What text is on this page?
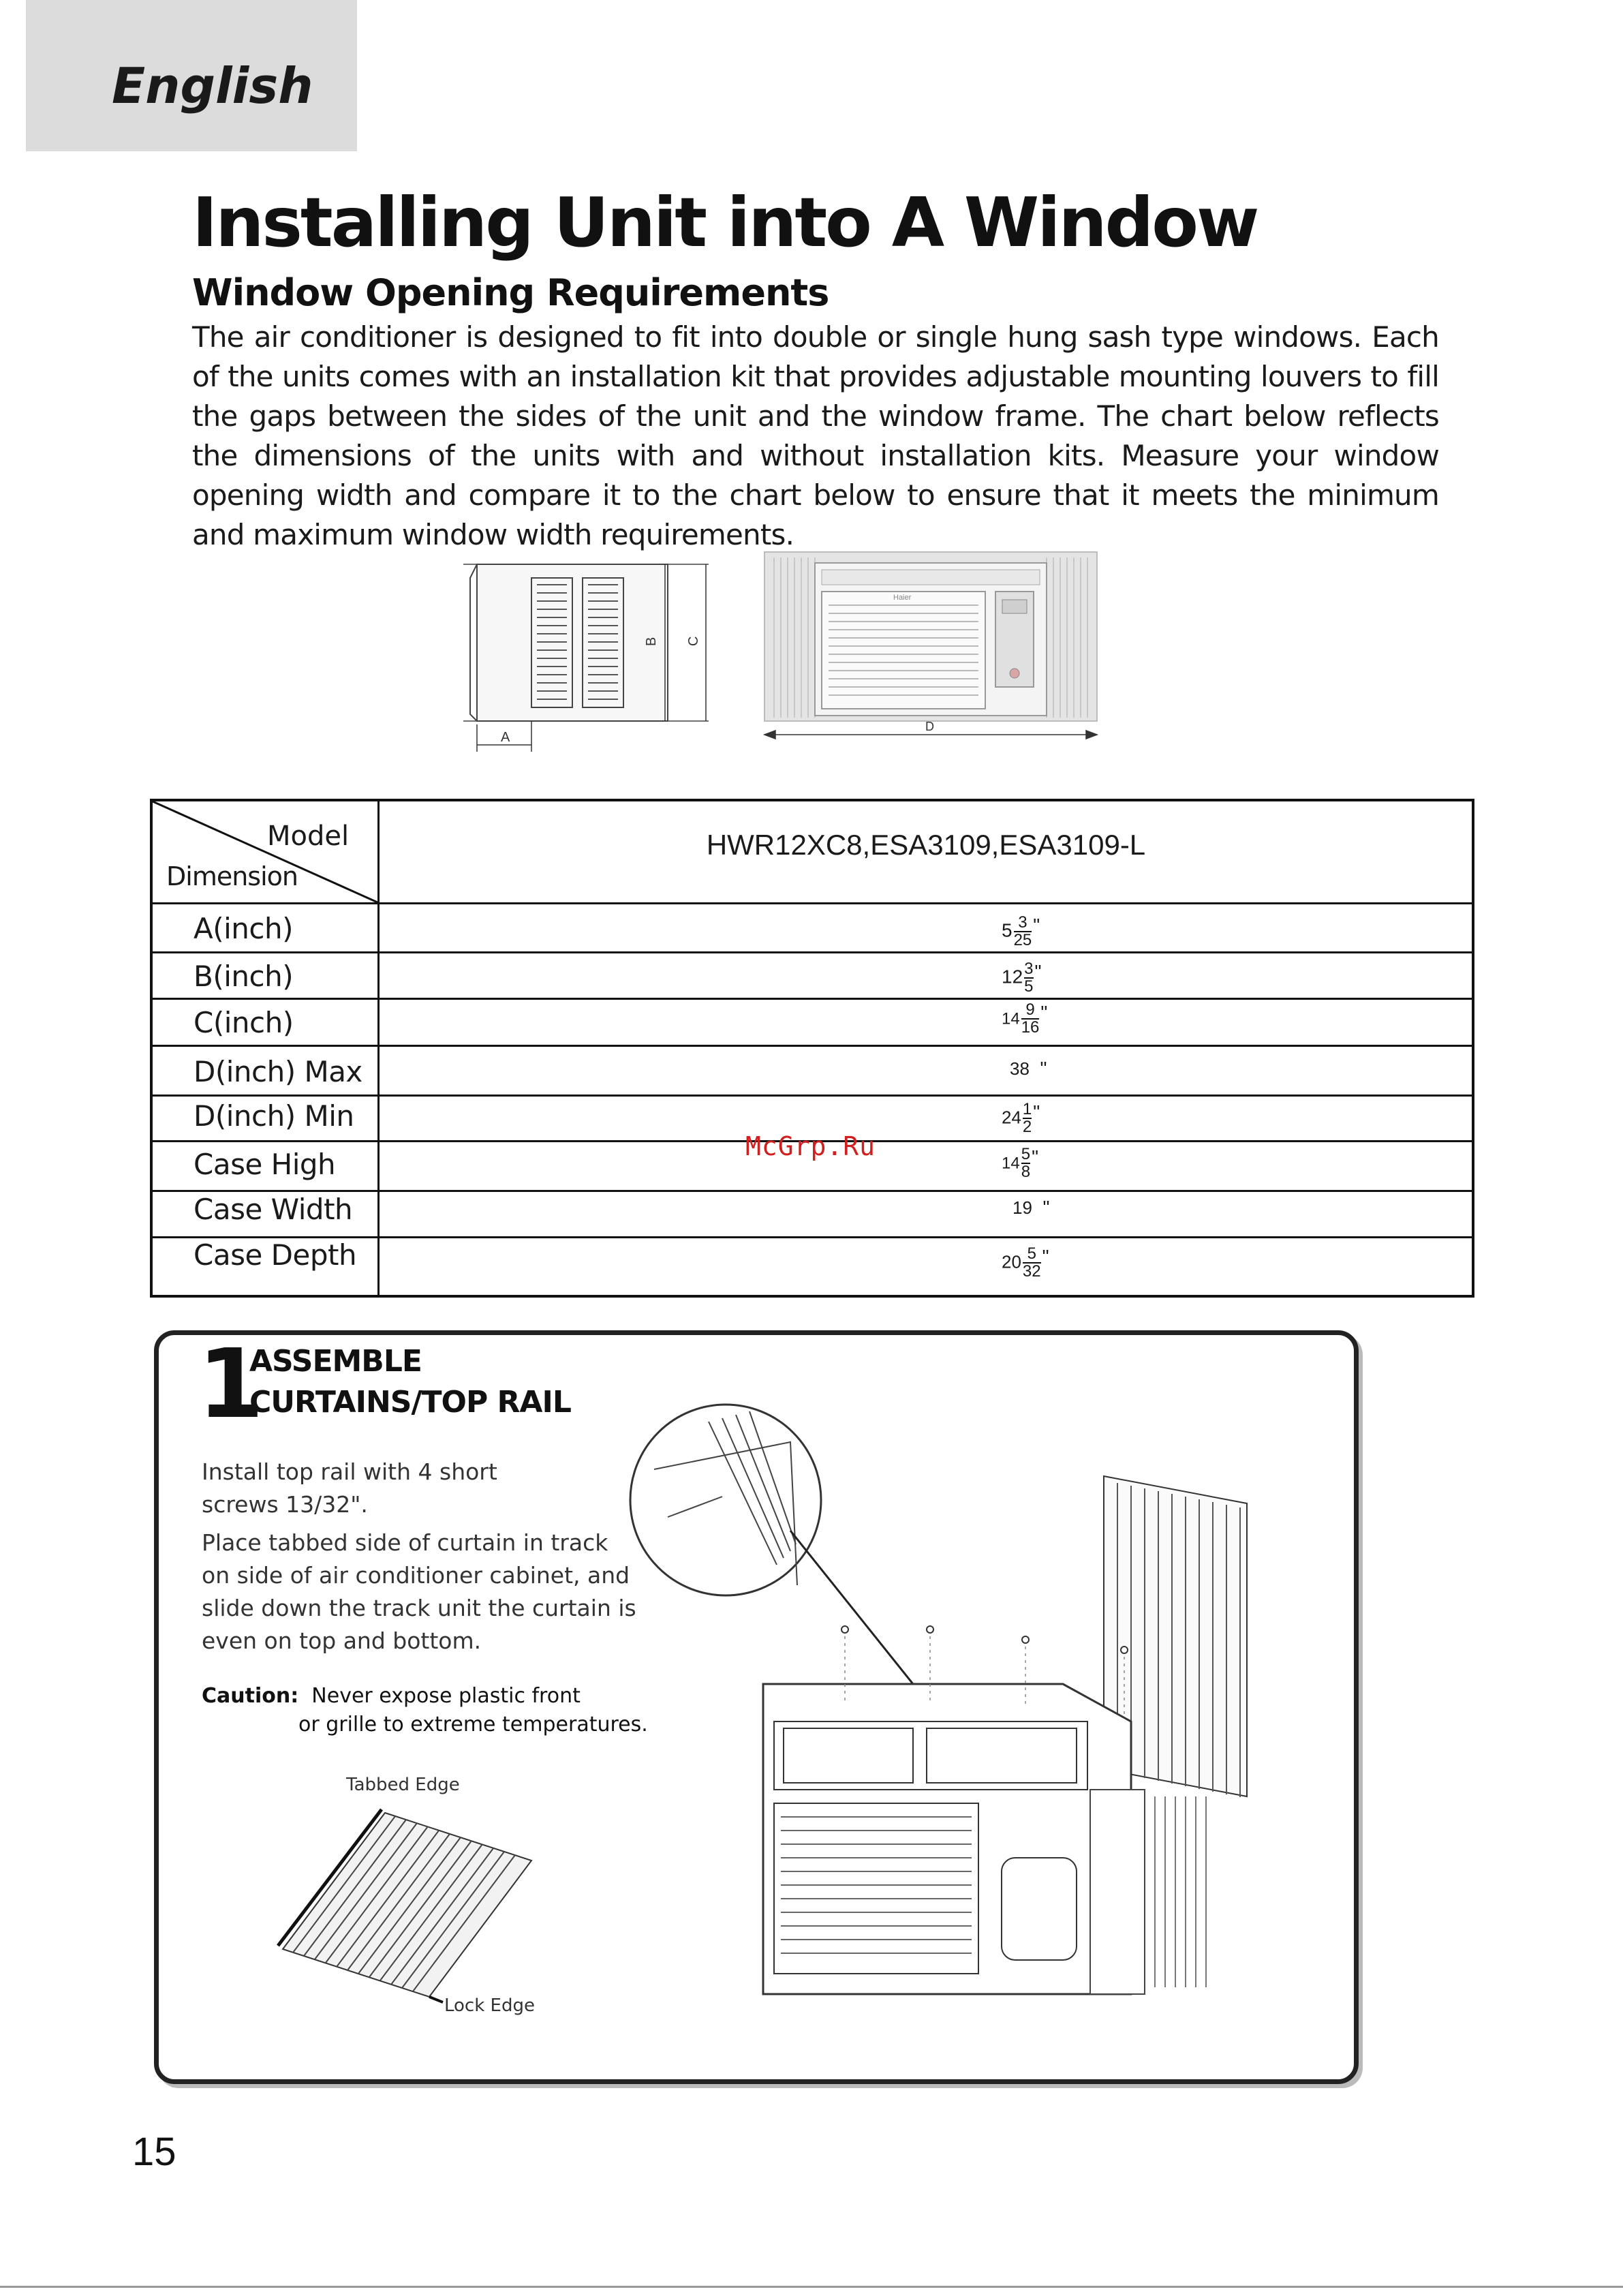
English
Installing Unit into A Window
Window Opening Requirements

The air conditioner is designed to fit into double or single hung sash type windows. Each of the units comes with an installation kit that provides adjustable mounting louvers to fill the gaps between the sides of the unit and the window frame. The chart below reflects the dimensions of the units with and without installation kits. Measure your window opening width and compare it to the chart below to ensure that it meets the minimum and maximum window width requirements.

A
B C
Haier
D
Model
Dimension
HWR12XC8,ESA3109,ESA3109-L
A(inch)
B(inch)
C(inch)
D(inch) Max
D(inch) Min
Case High
Case Width
Case Depth
$5 \frac{3}{25}$ "
$12 \frac{3}{5}$ "
$14 \frac{9}{16}$ "
38 "
$24 \frac{1}{2}$ "
$14 \frac{5}{8}$ "
19 "
$20 \frac{5}{32}$ "
McGrp.Ru
1
ASSEMBLE
CURTAINS/TOP RAIL

Install top rail with 4 short
screws 13/32".

Place tabbed side of curtain in track
on side of air conditioner cabinet, and
slide down the track unit the curtain is
even on top and bottom.

Caution: Never expose plastic front
or grille to extreme temperatures.
Tabbed Edge
Lock Edge
15
